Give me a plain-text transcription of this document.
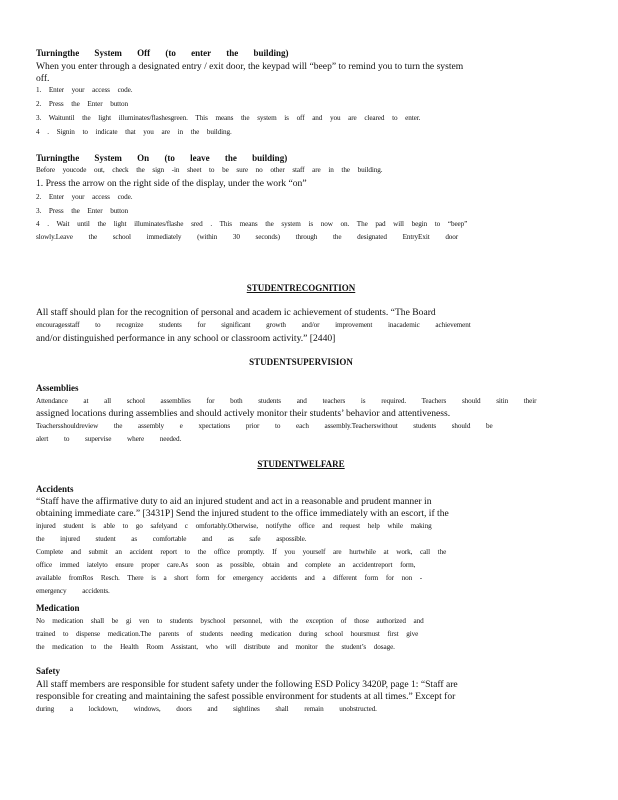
Turningthe System Off (to enter the building)
When you enter through a designated entry / exit door, the keypad will “beep” to remind you to turn the system
off.
1. Enter your access code.
2. Press the Enter button
3. Waituntil the light illuminates/flashesgreen. This means the system is off and you are cleared to enter.
4 . Signin to indicate that you are in the building.
Turningthe System On (to leave the building)
Before youcode out, check the sign -in sheet to be sure no other staff are in the building.
1. Press the arrow on the right side of the display, under the work “on”
2. Enter your access code.
3. Press the Enter button
4 . Wait until the light illuminates/flashe sred . This means the system is now on. The pad will begin to “beep”
slowly.Leave the school immediately (within 30 seconds) through the designated EntryExit door
STUDENTRECOGNITION
All staff should plan for the recognition of personal and academ ic achievement of students. “The Board
encouragesstaff to recognize students for significant growth and/or improvement inacademic achievement
and/or distinguished performance in any school or classroom activity.” [2440]
STUDENTSUPERVISION
Assemblies
Attendance at all school assemblies for both students and teachers is required. Teachers should sitin their
assigned locations during assemblies and should actively monitor their students’ behavior and attentiveness.
Teachersshouldreview the assembly e xpectations prior to each assembly.Teacherswithout students should be
alert to supervise where needed.
STUDENTWELFARE
Accidents
“Staff have the affirmative duty to aid an injured student and act in a reasonable and prudent manner in
obtaining immediate care.” [3431P] Send the injured student to the office immediately with an escort, if the
injured student is able to go safelyand c omfortably.Otherwise, notifythe office and request help while making
the injured student as comfortable and as safe aspossible.
Complete and submit an accident report to the office promptly. If you yourself are hurtwhile at work, call the
office immed iatelyto ensure proper care.As soon as possible, obtain and complete an accidentreport form,
available fromRos Resch. There is a short form for emergency accidents and a different form for non -
emergency accidents.
Medication
No medication shall be gi ven to students byschool personnel, with the exception of those authorized and
trained to dispense medication.The parents of students needing medication during school hoursmust first give
the medication to the Health Room Assistant, who will distribute and monitor the student’s dosage.
Safety
All staff members are responsible for student safety under the following ESD Policy 3420P, page 1: “Staff are
responsible for creating and maintaining the safest possible environment for students at all times.” Except for
during a lockdown, windows, doors and sightlines shall remain unobstructed.
